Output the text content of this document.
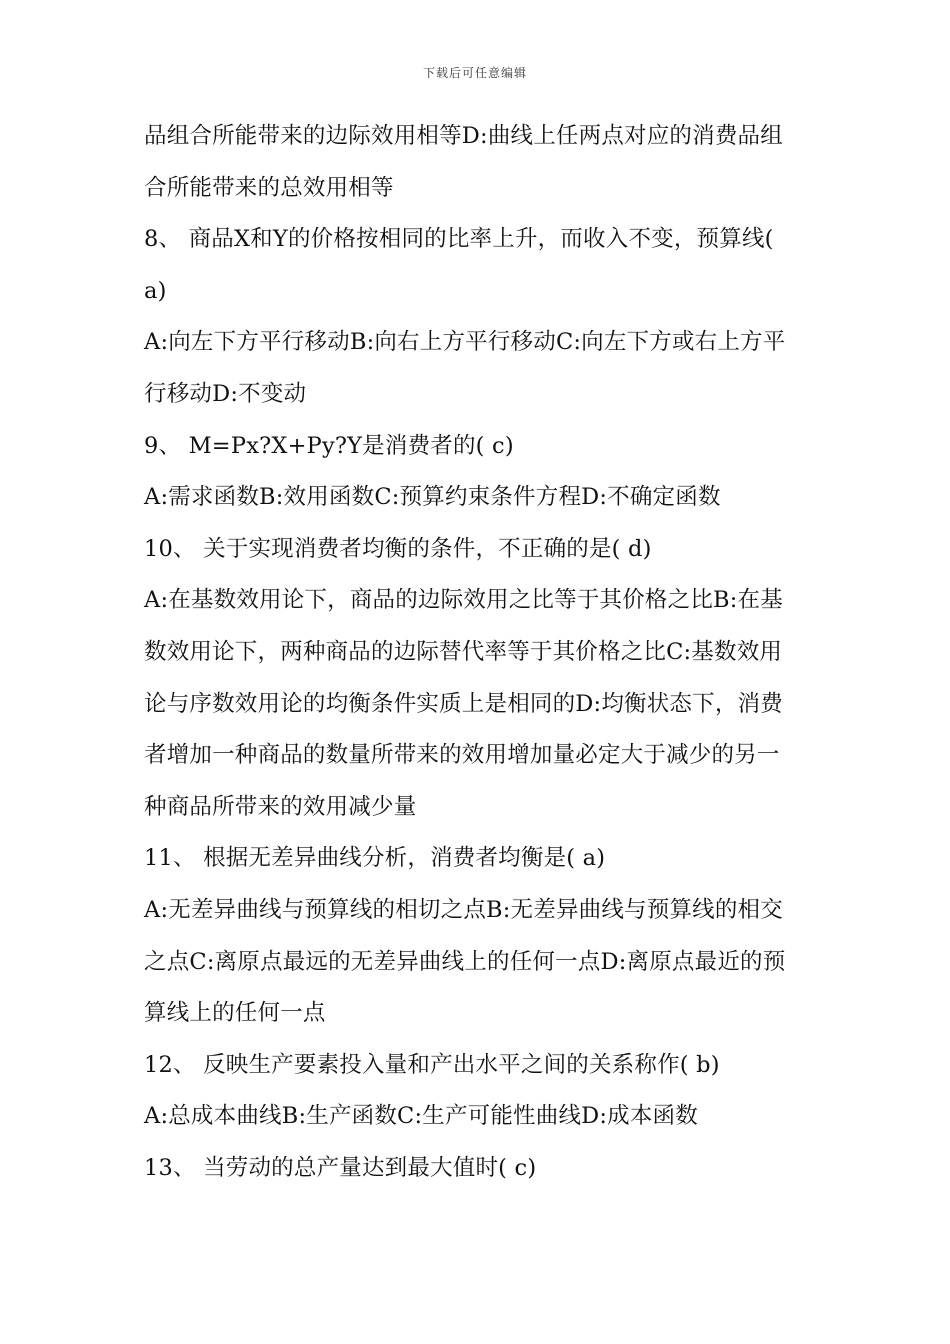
下载后可任意编辑
品组合所能带来的边际效用相等D:曲线上任两点对应的消费品组
合所能带来的总效用相等
8、 商品X和Y的价格按相同的比率上升，而收入不变，预算线(
a)
A:向左下方平行移动B:向右上方平行移动C:向左下方或右上方平
行移动D:不变动
9、 M=Px?X+Py?Y是消费者的( c)
A:需求函数B:效用函数C:预算约束条件方程D:不确定函数
10、 关于实现消费者均衡的条件，不正确的是( d)
A:在基数效用论下，商品的边际效用之比等于其价格之比B:在基
数效用论下，两种商品的边际替代率等于其价格之比C:基数效用
论与序数效用论的均衡条件实质上是相同的D:均衡状态下，消费
者增加一种商品的数量所带来的效用增加量必定大于减少的另一
种商品所带来的效用减少量
11、 根据无差异曲线分析，消费者均衡是( a)
A:无差异曲线与预算线的相切之点B:无差异曲线与预算线的相交
之点C:离原点最远的无差异曲线上的任何一点D:离原点最近的预
算线上的任何一点
12、 反映生产要素投入量和产出水平之间的关系称作( b)
A:总成本曲线B:生产函数C:生产可能性曲线D:成本函数
13、 当劳动的总产量达到最大值时( c)
